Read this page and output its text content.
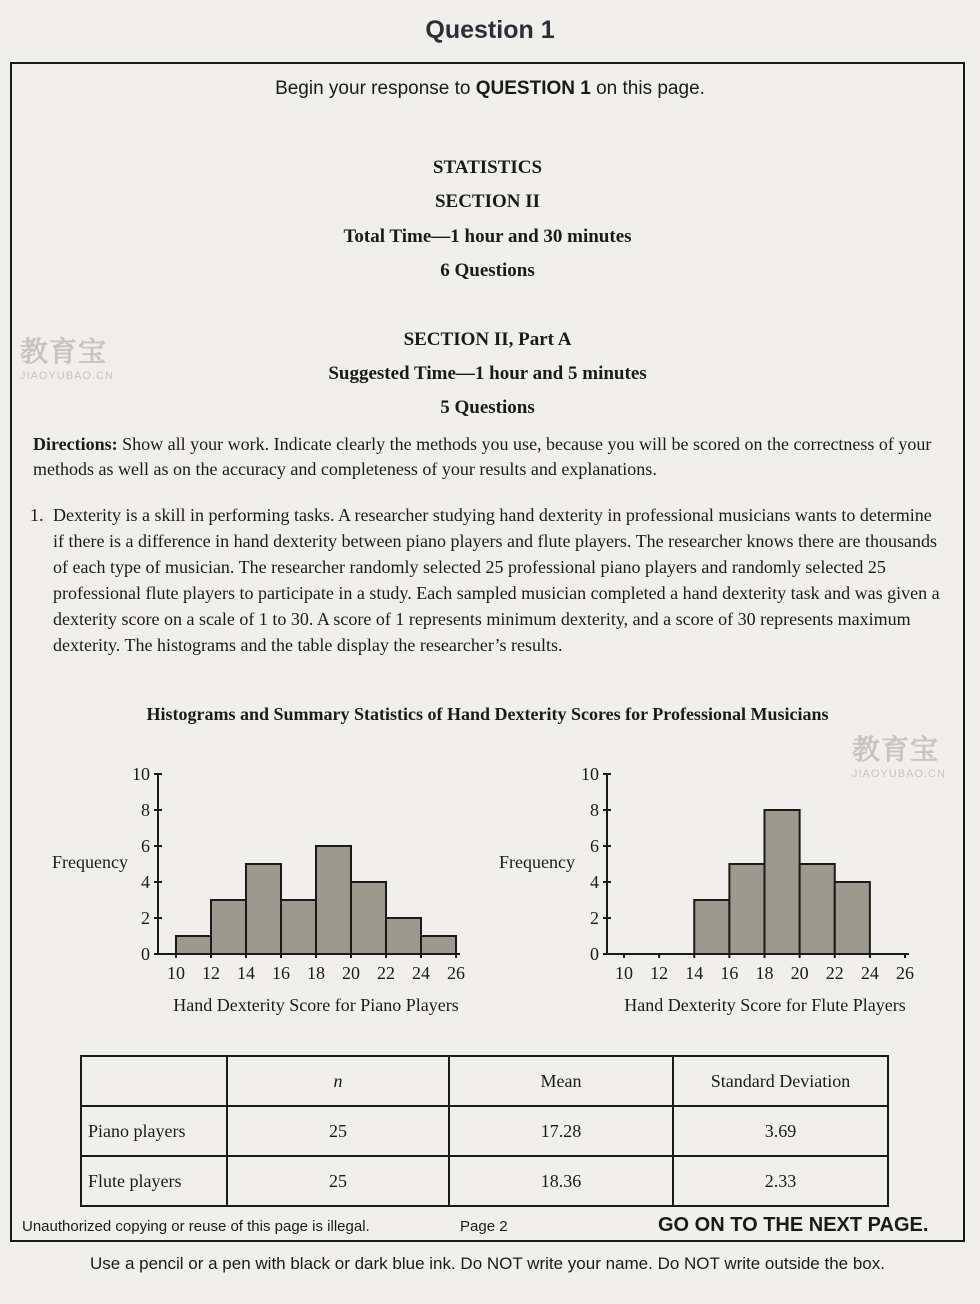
Question 1
Begin your response to QUESTION 1 on this page.
STATISTICS
SECTION II
Total Time—1 hour and 30 minutes
6 Questions
SECTION II, Part A
Suggested Time—1 hour and 5 minutes
5 Questions
Directions: Show all your work. Indicate clearly the methods you use, because you will be scored on the correctness of your methods as well as on the accuracy and completeness of your results and explanations.
1. Dexterity is a skill in performing tasks. A researcher studying hand dexterity in professional musicians wants to determine if there is a difference in hand dexterity between piano players and flute players. The researcher knows there are thousands of each type of musician. The researcher randomly selected 25 professional piano players and randomly selected 25 professional flute players to participate in a study. Each sampled musician completed a hand dexterity task and was given a dexterity score on a scale of 1 to 30. A score of 1 represents minimum dexterity, and a score of 30 represents maximum dexterity. The histograms and the table display the researcher’s results.
Histograms and Summary Statistics of Hand Dexterity Scores for Professional Musicians
0
2
4
6
8
10
10 12 14 16 18 20 22 24 26
Frequency
Hand Dexterity Score for Piano Players
0
2
4
6
8
10
10 12 14 16 18 20 22 24 26
Frequency
Hand Dexterity Score for Flute Players
	n	Mean	Standard Deviation
Piano players	25	17.28	3.69
Flute players	25	18.36	2.33
Unauthorized copying or reuse of this page is illegal.	Page 2	GO ON TO THE NEXT PAGE.
Use a pencil or a pen with black or dark blue ink. Do NOT write your name. Do NOT write outside the box.
教育宝
JIAOYUBAO.CN
教育宝
JIAOYUBAO.CN
